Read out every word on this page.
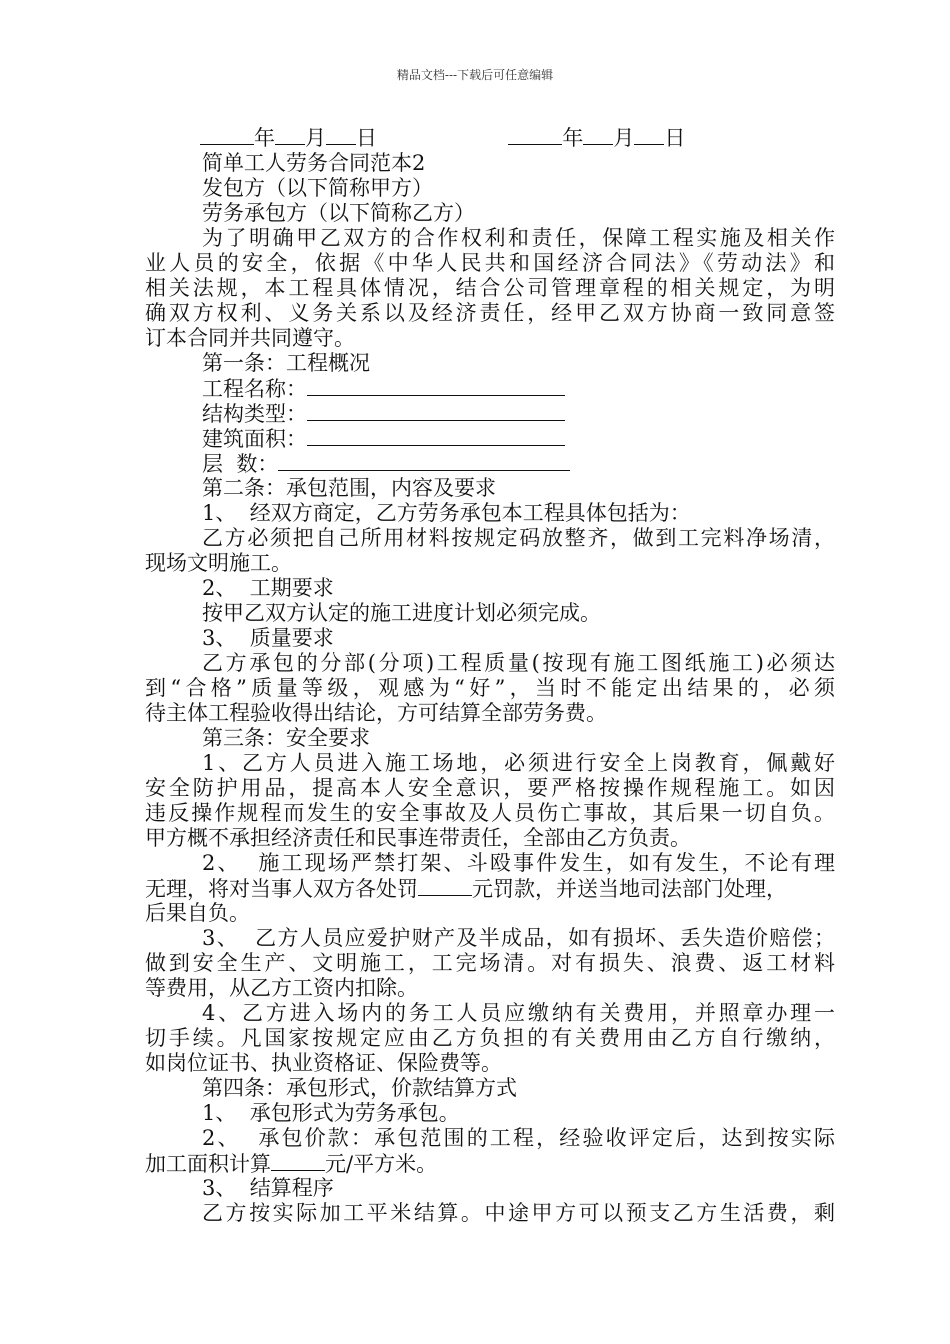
精品文档---下载后可任意编辑
年 月 日	年 月 日
简单工人劳务合同范本2
发包方（以下简称甲方）
劳务承包方（以下简称乙方）
为了明确甲乙双方的合作权利和责任，保障工程实施及相关作
业人员的安全，依据《中华人民共和国经济合同法》《劳动法》和
相关法规，本工程具体情况，结合公司管理章程的相关规定，为明
确双方权利、义务关系以及经济责任，经甲乙双方协商一致同意签
订本合同并共同遵守。
第一条：工程概况
工程名称：
结构类型：
建筑面积：
层  数：
第二条：承包范围，内容及要求
1、  经双方商定，乙方劳务承包本工程具体包括为：
乙方必须把自己所用材料按规定码放整齐，做到工完料净场清，
现场文明施工。
2、  工期要求
按甲乙双方认定的施工进度计划必须完成。
3、  质量要求
乙方承包的分部(分项)工程质量(按现有施工图纸施工)必须达
到“合格”质量等级，观感为“好”，当时不能定出结果的，必须
待主体工程验收得出结论，方可结算全部劳务费。
第三条：安全要求
1、乙方人员进入施工场地，必须进行安全上岗教育，佩戴好
安全防护用品，提高本人安全意识，要严格按操作规程施工。如因
违反操作规程而发生的安全事故及人员伤亡事故，其后果一切自负。
甲方概不承担经济责任和民事连带责任，全部由乙方负责。
2、  施工现场严禁打架、斗殴事件发生，如有发生，不论有理
无理，将对当事人双方各处罚	元罚款，并送当地司法部门处理，
后果自负。
3、  乙方人员应爱护财产及半成品，如有损坏、丢失造价赔偿；
做到安全生产、文明施工，工完场清。对有损失、浪费、返工材料
等费用，从乙方工资内扣除。
4、乙方进入场内的务工人员应缴纳有关费用，并照章办理一
切手续。凡国家按规定应由乙方负担的有关费用由乙方自行缴纳，
如岗位证书、执业资格证、保险费等。
第四条：承包形式，价款结算方式
1、  承包形式为劳务承包。
2、  承包价款：承包范围的工程，经验收评定后，达到按实际
加工面积计算	元/平方米。
3、  结算程序
乙方按实际加工平米结算。中途甲方可以预支乙方生活费，剩
